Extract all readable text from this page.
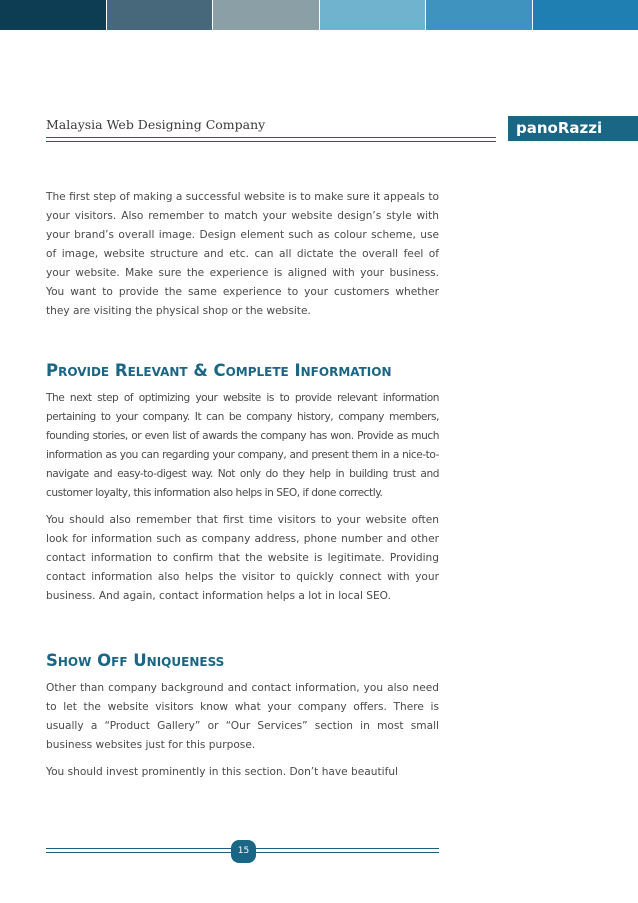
Malaysia Web Designing Company	panoRazzi

The first step of making a successful website is to make sure it appeals to your visitors. Also remember to match your website design’s style with your brand’s overall image. Design element such as colour scheme, use of image, website structure and etc. can all dictate the overall feel of your website. Make sure the experience is aligned with your business. You want to provide the same experience to your customers whether they are visiting the physical shop or the website.

Provide Relevant & Complete Information

The next step of optimizing your website is to provide relevant information pertaining to your company. It can be company history, company members, founding stories, or even list of awards the company has won. Provide as much information as you can regarding your company, and present them in a nice-to-navigate and easy-to-digest way. Not only do they help in building trust and customer loyalty, this information also helps in SEO, if done correctly.

You should also remember that first time visitors to your website often look for information such as company address, phone number and other contact information to confirm that the website is legitimate. Providing contact information also helps the visitor to quickly connect with your business. And again, contact information helps a lot in local SEO.

Show Off Uniqueness

Other than company background and contact information, you also need to let the website visitors know what your company offers. There is usually a “Product Gallery” or “Our Services” section in most small business websites just for this purpose.

You should invest prominently in this section. Don’t have beautiful

15
